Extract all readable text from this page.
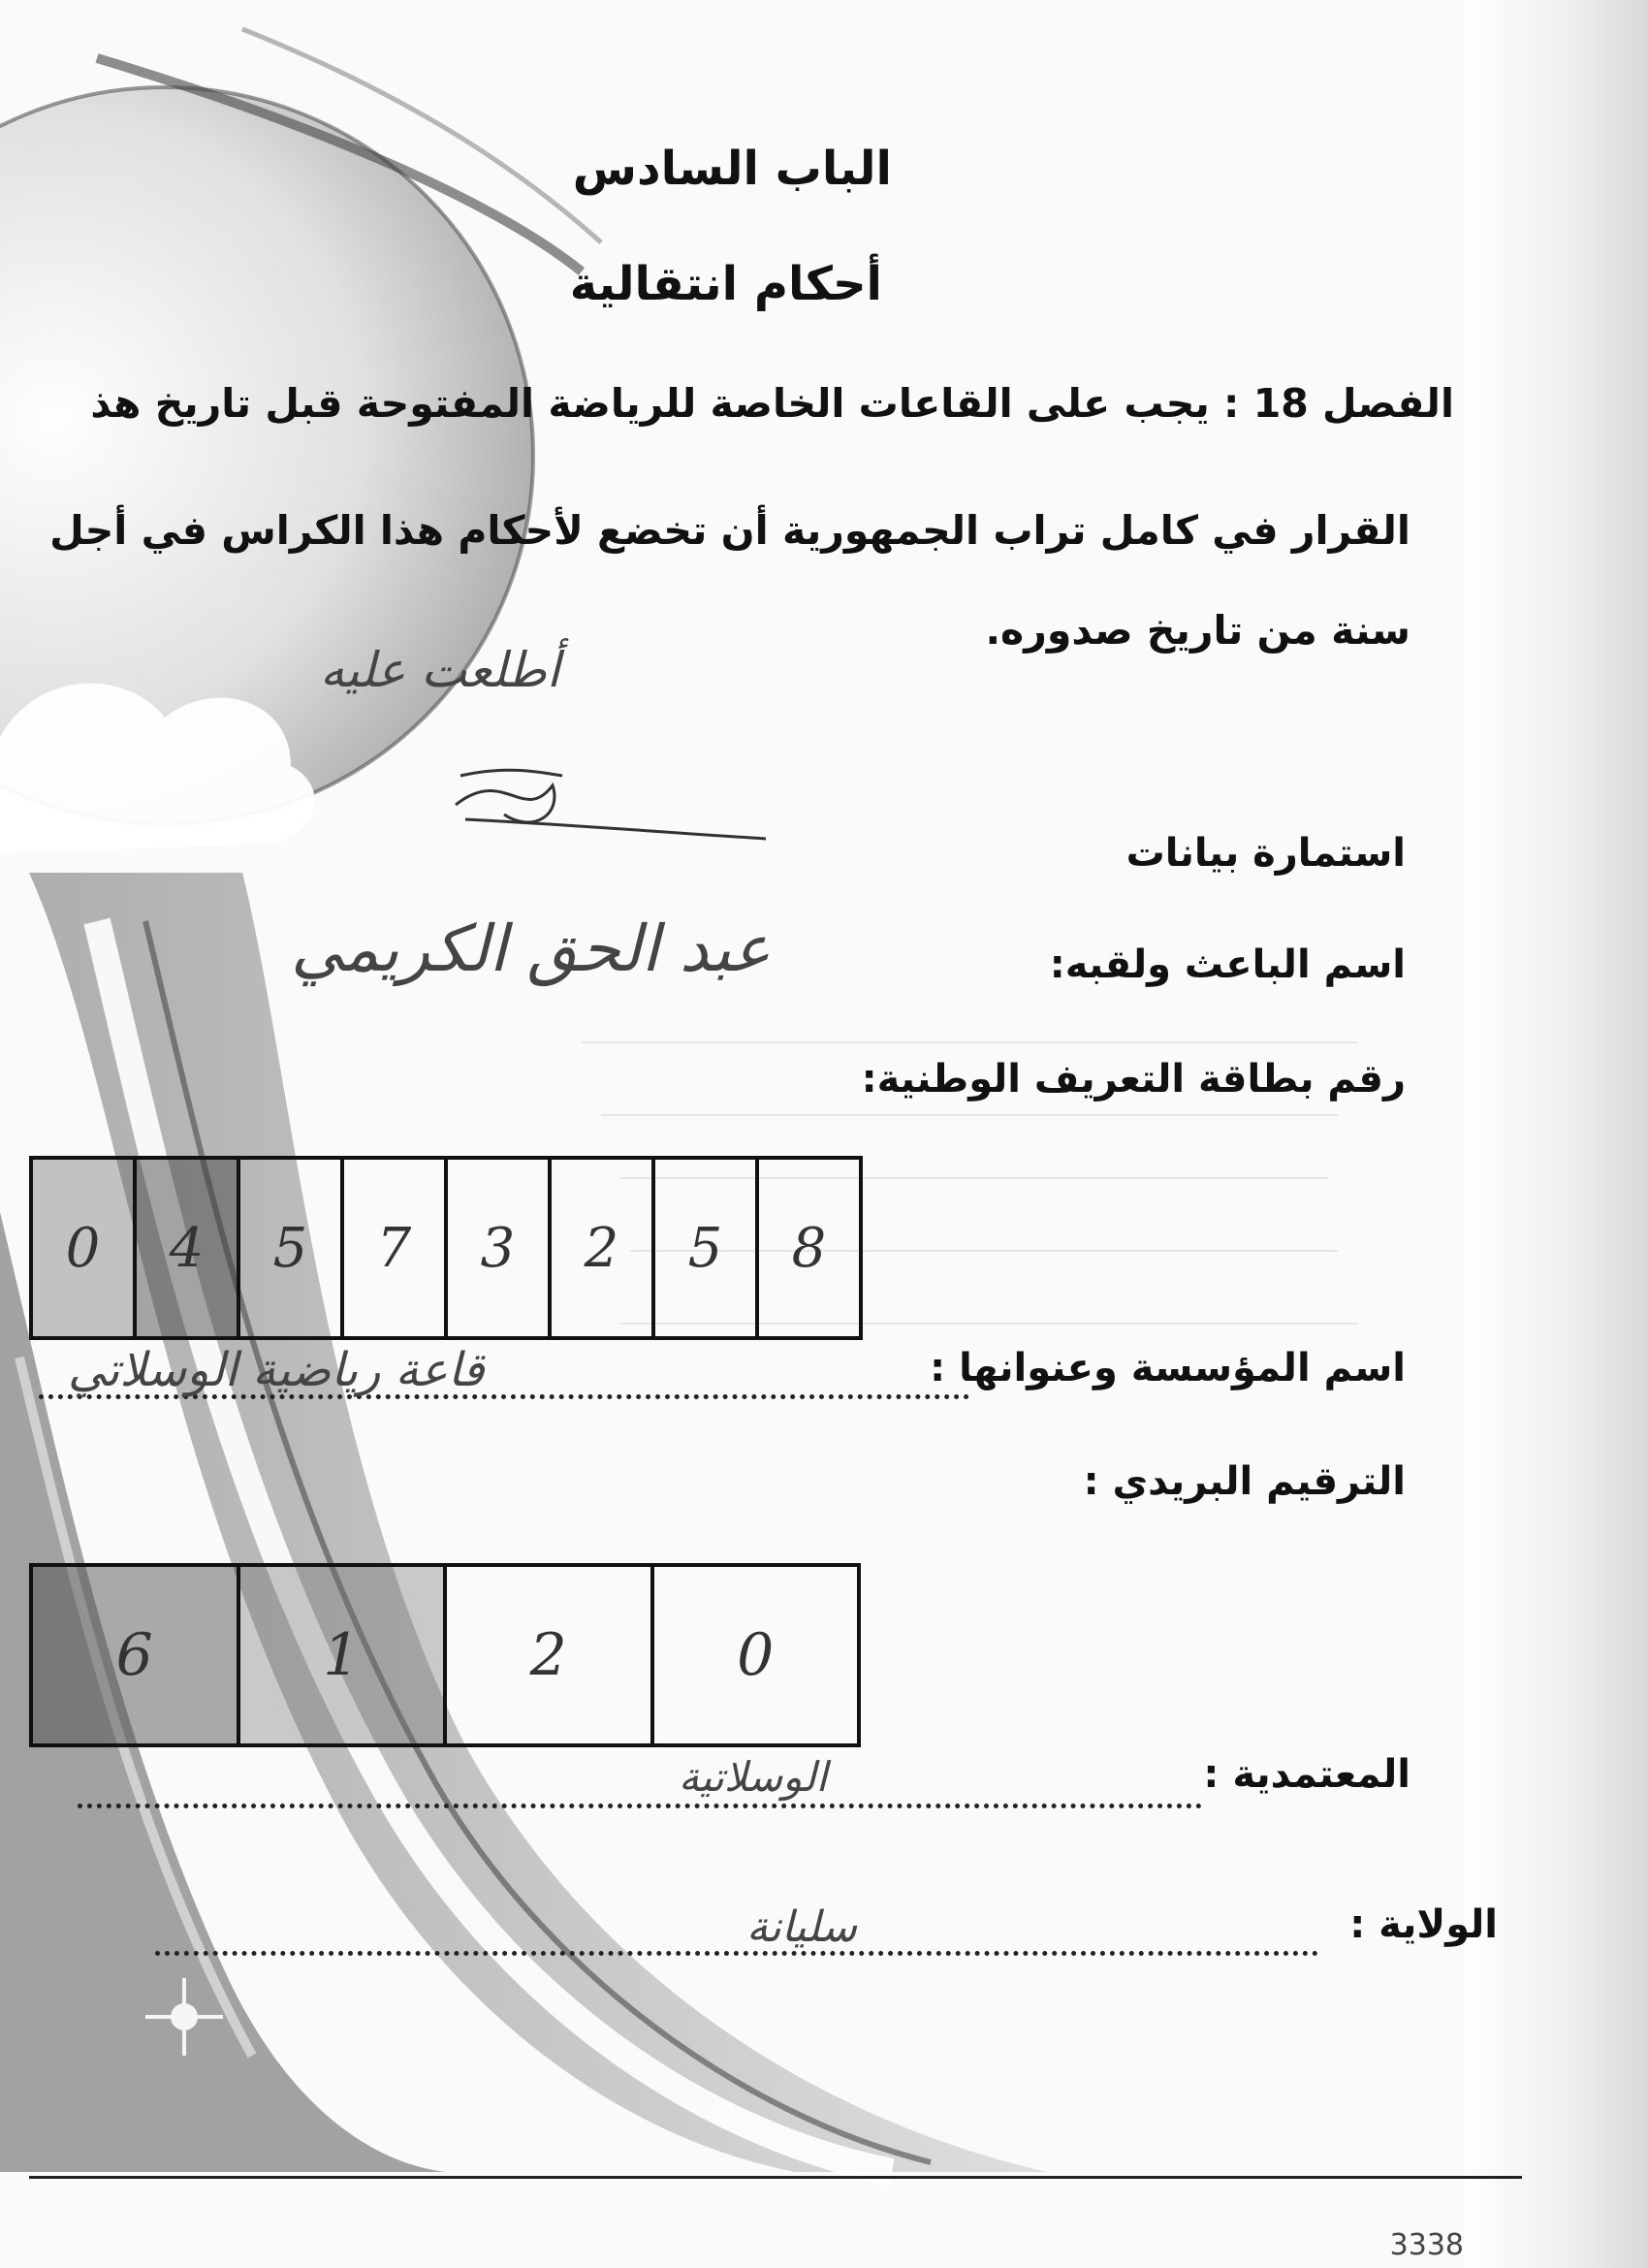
الباب السادس
أحكام انتقالية
الفصل 18 : يجب على القاعات الخاصة للرياضة المفتوحة قبل تاريخ هذ
القرار في كامل تراب الجمهورية أن تخضع لأحكام هذا الكراس في أجل
سنة من تاريخ صدوره.
أطلعت عليه
استمارة بيانات
اسم الباعث ولقبه:
عبد الحق الكريمي
رقم بطاقة التعريف الوطنية:
0	4	5	7	3	2	5	8
اسم المؤسسة وعنوانها :
قاعة رياضية الوسلاتي
الترقيم البريدي :
6	1	2	0
المعتمدية :
الوسلاتية
الولاية :
سليانة
3338
